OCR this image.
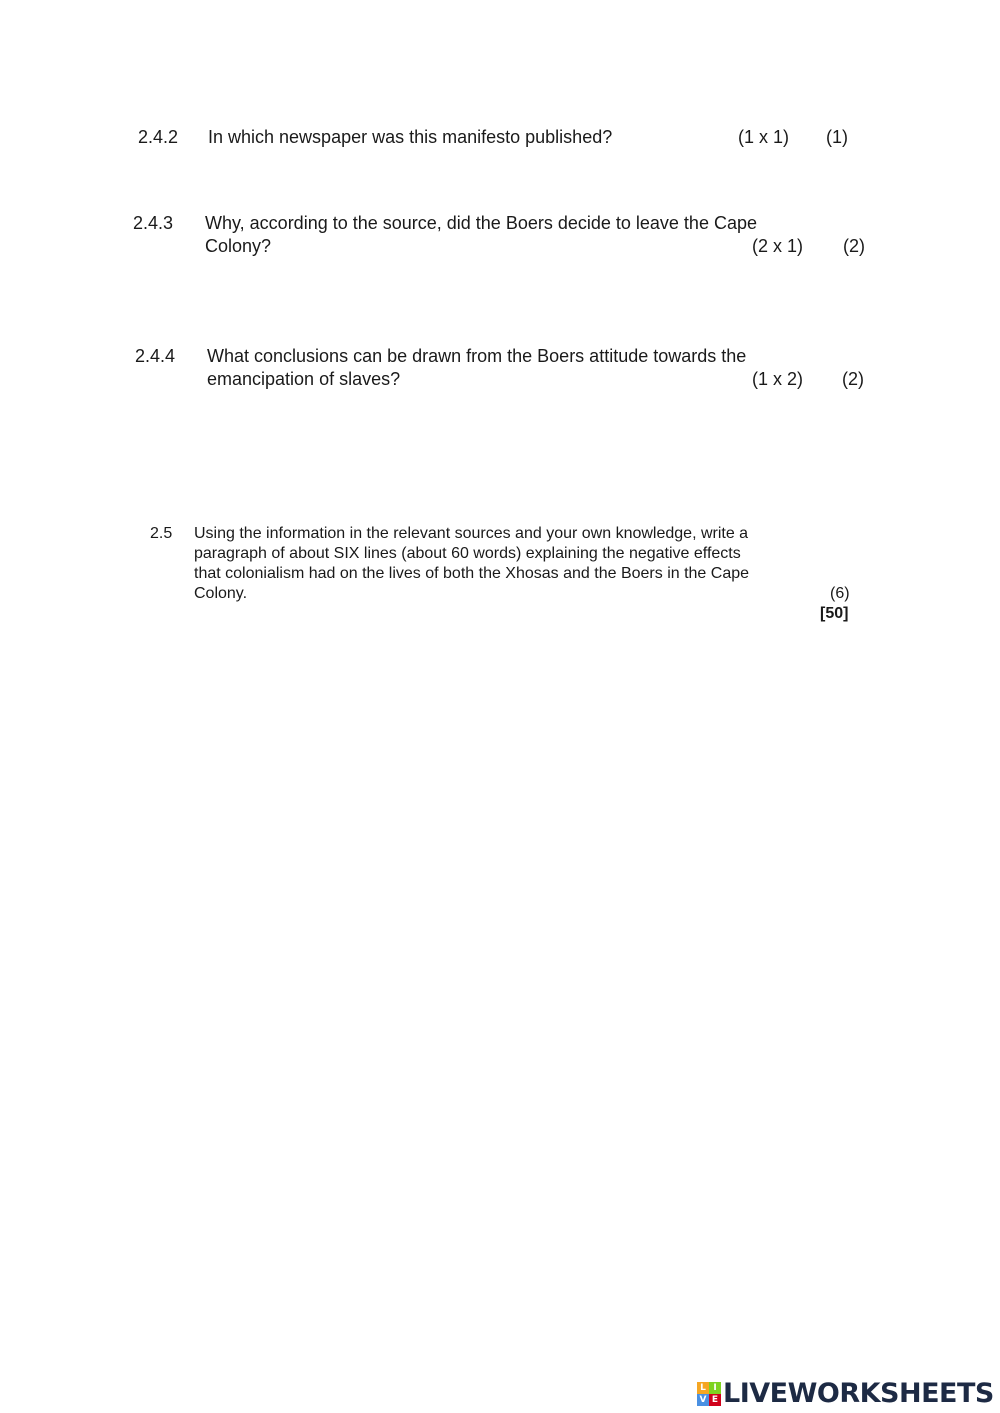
2.4.2 In which newspaper was this manifesto published?	(1 x 1) (1)
2.4.3 Why, according to the source, did the Boers decide to leave the Cape
Colony?	(2 x 1) (2)
2.4.4 What conclusions can be drawn from the Boers attitude towards the
emancipation of slaves?	(1 x 2) (2)
2.5 Using the information in the relevant sources and your own knowledge, write a
paragraph of about SIX lines (about 60 words) explaining the negative effects
that colonialism had on the lives of both the Xhosas and the Boers in the Cape
Colony.	(6)
[50]
L I
V E LIVEWORKSHEETS
